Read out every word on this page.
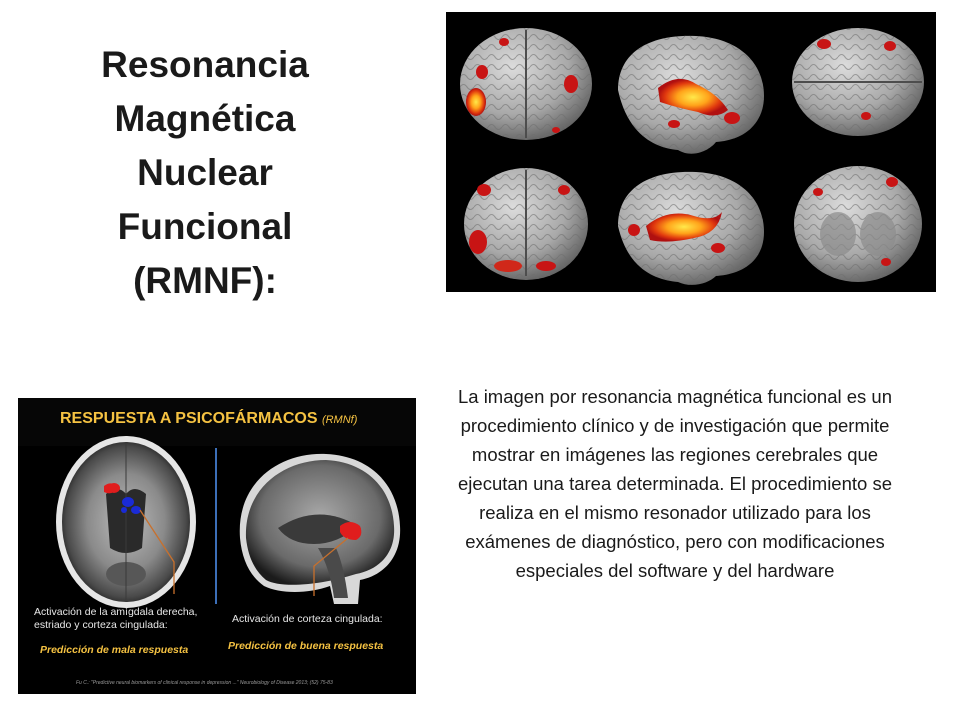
Resonancia
Magnética
Nuclear
Funcional
(RMNF):
RESPUESTA A PSICOFÁRMACOS (RMNf)
Activación de la amígdala derecha, estriado y corteza cingulada:
Predicción de mala respuesta
Activación de corteza cingulada:
Predicción de buena respuesta
Fu C.: "Predictive neural biomarkers of clinical response in depression ..." Neurobiology of Disease 2013; (52) 75-83

La imagen por resonancia magnética funcional es un procedimiento clínico y de investigación que permite mostrar en imágenes las regiones cerebrales que ejecutan una tarea determinada. El procedimiento se realiza en el mismo resonador utilizado para los exámenes de diagnóstico, pero con modificaciones especiales del software y del hardware
